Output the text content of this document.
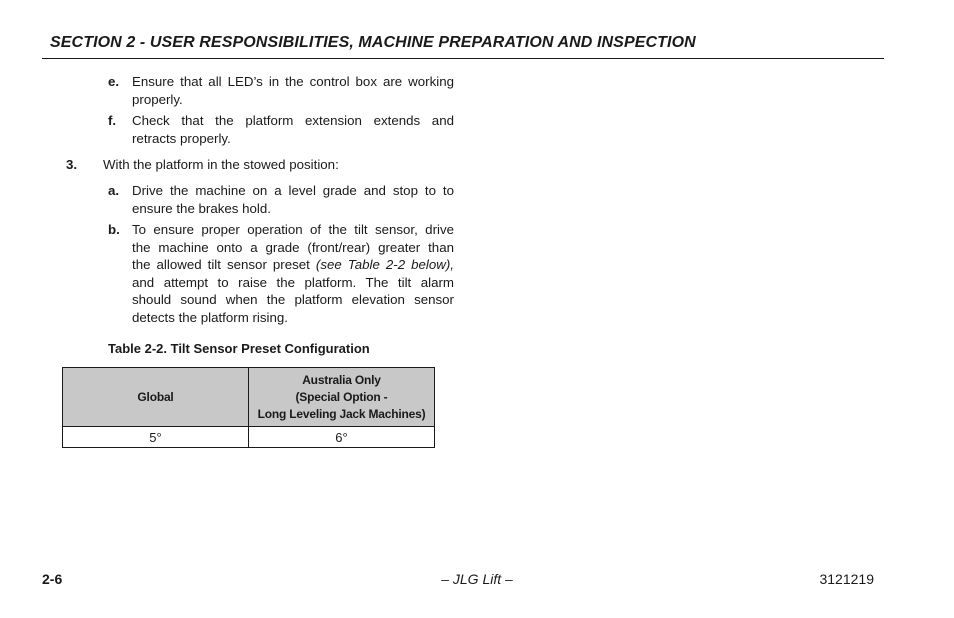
SECTION 2 - USER RESPONSIBILITIES, MACHINE PREPARATION AND INSPECTION
e. Ensure that all LED’s in the control box are working
properly.
f. Check that the platform extension extends and
retracts properly.
3. With the platform in the stowed position:
a. Drive the machine on a level grade and stop to to
ensure the brakes hold.
b. To ensure proper operation of the tilt sensor, drive
the machine onto a grade (front/rear) greater than
the allowed tilt sensor preset (see Table 2-2 below),
and attempt to raise the platform. The tilt alarm
should sound when the platform elevation sensor
detects the platform rising.
Table 2-2. Tilt Sensor Preset Configuration
Global	Australia Only
(Special Option -
Long Leveling Jack Machines)

5°	6°
2-6	– JLG Lift –	3121219
